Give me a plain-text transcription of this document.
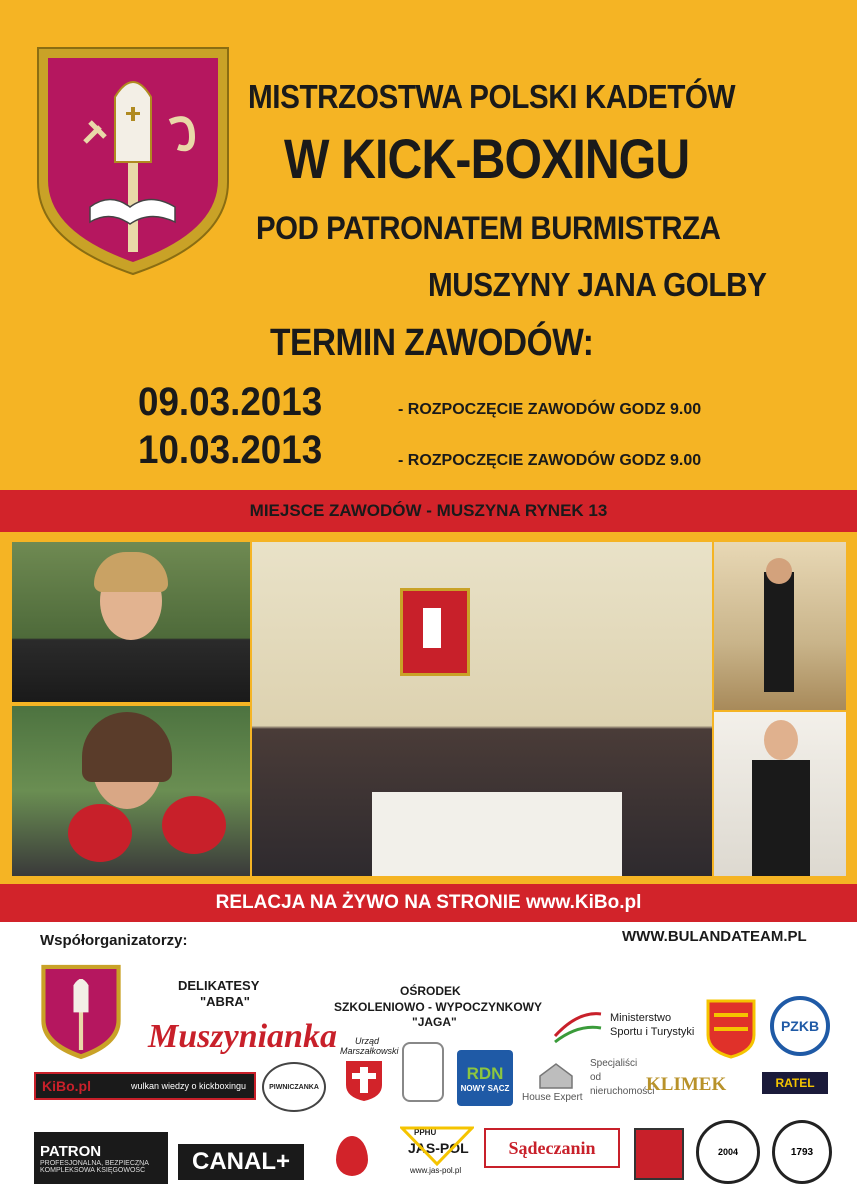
MISTRZOSTWA POLSKI KADETÓW
W KICK-BOXINGU
POD PATRONATEM BURMISTRZA
MUSZYNY JANA GOLBY
TERMIN ZAWODÓW:
09.03.2013	- ROZPOCZĘCIE ZAWODÓW GODZ 9.00
10.03.2013	- ROZPOCZĘCIE ZAWODÓW GODZ 9.00
MIEJSCE ZAWODÓW - MUSZYNA RYNEK 13
RELACJA NA ŻYWO NA STRONIE www.KiBo.pl
Współorganizatorzy:	WWW.BULANDATEAM.PL
DELIKATESY
"ABRA"
Muszynianka
OŚRODEK
SZKOLENIOWO - WYPOCZYNKOWY
"JAGA"	Ministerstwo
Sportu i Turystyki	PZKB
Urząd
Marszałkowski
RDN
NOWY SĄCZ
House Expert
Specjaliści
od
nieruchomości
KLIMEK	RATEL
KiBo.pl	wulkan wiedzy o kickboxingu	PIWNICZANKA
PATRON
PROFESJONALNA, BEZPIECZNA
KOMPLEKSOWA KSIĘGOWOŚĆ CANAL+
PPHU
JAS-POL
www.jas-pol.pl
Sądeczanin	2004	1793
